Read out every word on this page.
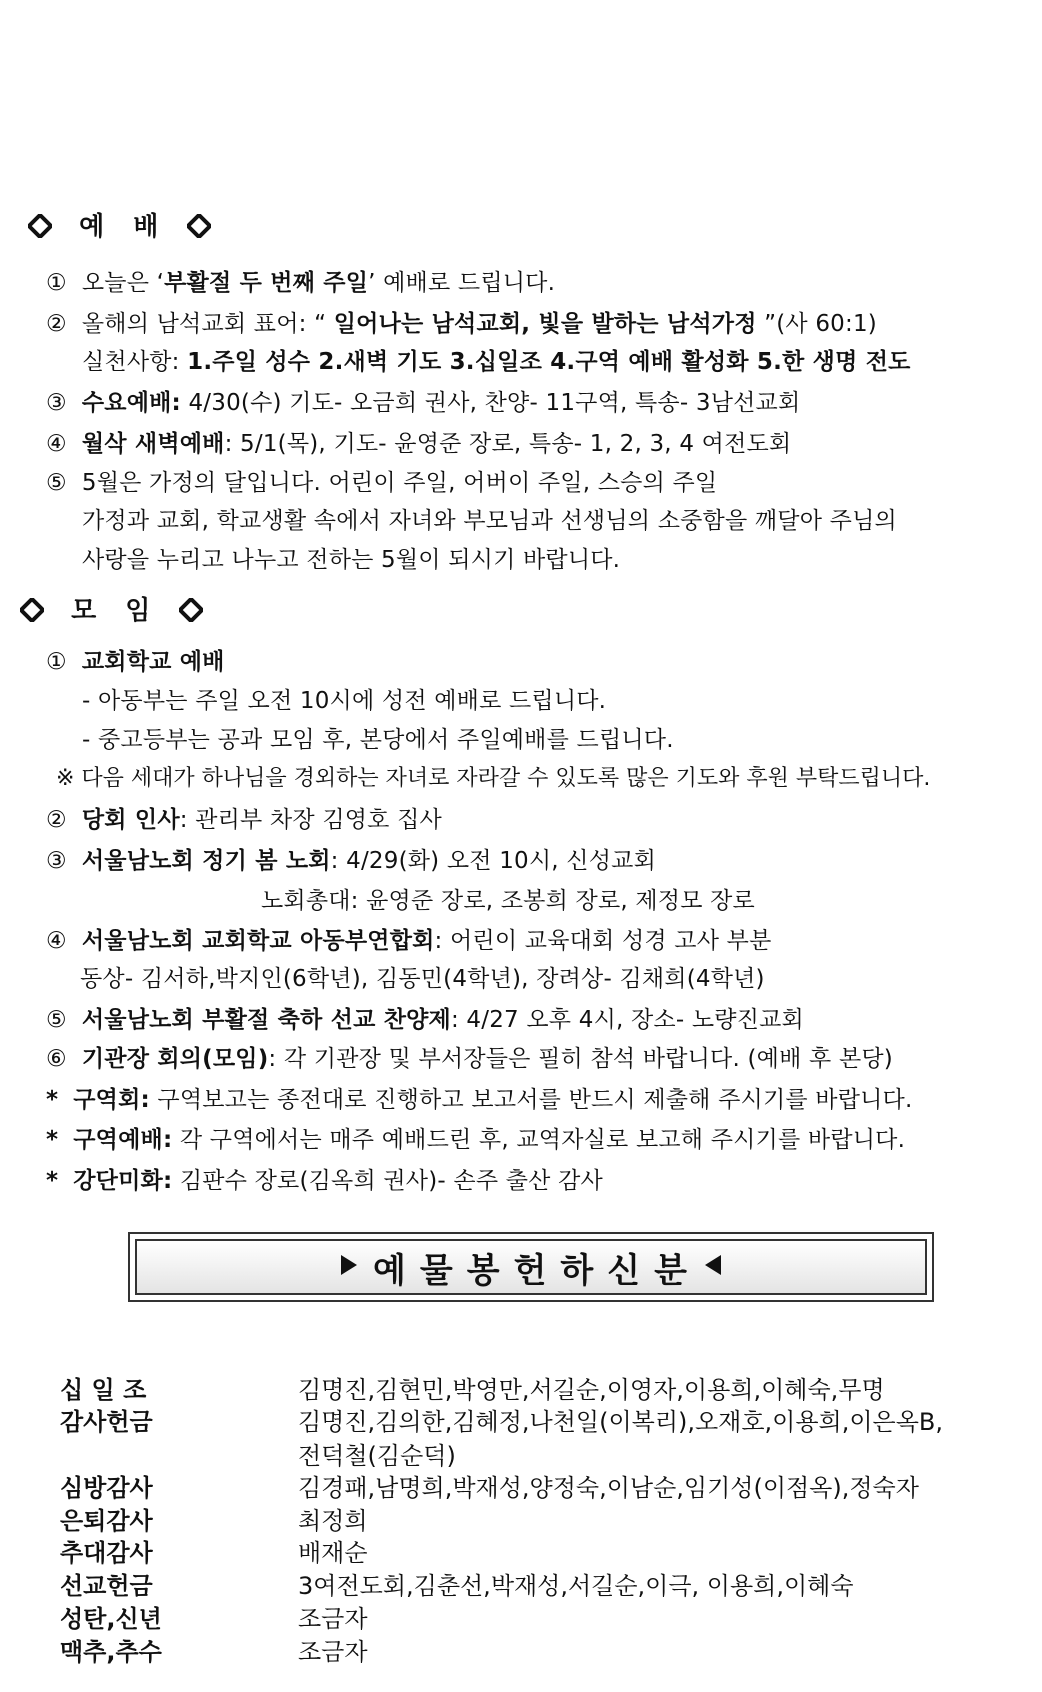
예 배
① 오늘은 ‘부활절 두 번째 주일’ 예배로 드립니다.
② 올해의 남석교회 표어: “ 일어나는 남석교회, 빛을 발하는 남석가정 ”(사 60:1)
실천사항: 1.주일 성수 2.새벽 기도 3.십일조 4.구역 예배 활성화 5.한 생명 전도
③ 수요예배: 4/30(수) 기도- 오금희 권사, 찬양- 11구역, 특송- 3남선교회
④ 월삭 새벽예배: 5/1(목), 기도- 윤영준 장로, 특송- 1, 2, 3, 4 여전도회
⑤ 5월은 가정의 달입니다. 어린이 주일, 어버이 주일, 스승의 주일
가정과 교회, 학교생활 속에서 자녀와 부모님과 선생님의 소중함을 깨달아 주님의
사랑을 누리고 나누고 전하는 5월이 되시기 바랍니다.
모 임
① 교회학교 예배
- 아동부는 주일 오전 10시에 성전 예배로 드립니다.
- 중고등부는 공과 모임 후, 본당에서 주일예배를 드립니다.
※ 다음 세대가 하나님을 경외하는 자녀로 자라갈 수 있도록 많은 기도와 후원 부탁드립니다.
② 당회 인사: 관리부 차장 김영호 집사
③ 서울남노회 정기 봄 노회: 4/29(화) 오전 10시, 신성교회
노회총대: 윤영준 장로, 조봉희 장로, 제정모 장로
④ 서울남노회 교회학교 아동부연합회: 어린이 교육대회 성경 고사 부분
동상- 김서하,박지인(6학년), 김동민(4학년), 장려상- 김채희(4학년)
⑤ 서울남노회 부활절 축하 선교 찬양제: 4/27 오후 4시, 장소- 노량진교회
⑥ 기관장 회의(모임): 각 기관장 및 부서장들은 필히 참석 바랍니다. (예배 후 본당)
* 구역회: 구역보고는 종전대로 진행하고 보고서를 반드시 제출해 주시기를 바랍니다.
* 구역예배: 각 구역에서는 매주 예배드린 후, 교역자실로 보고해 주시기를 바랍니다.
* 강단미화: 김판수 장로(김옥희 권사)- 손주 출산 감사
예물봉헌하신분
십 일 조	김명진,김현민,박영만,서길순,이영자,이용희,이혜숙,무명
감사헌금	김명진,김의한,김혜정,나천일(이복리),오재호,이용희,이은옥B,
전덕철(김순덕)
심방감사	김경패,남명희,박재성,양정숙,이남순,임기성(이점옥),정숙자
은퇴감사	최정희
추대감사	배재순
선교헌금	3여전도회,김춘선,박재성,서길순,이극, 이용희,이혜숙
성탄,신년	조금자
맥추,추수	조금자
